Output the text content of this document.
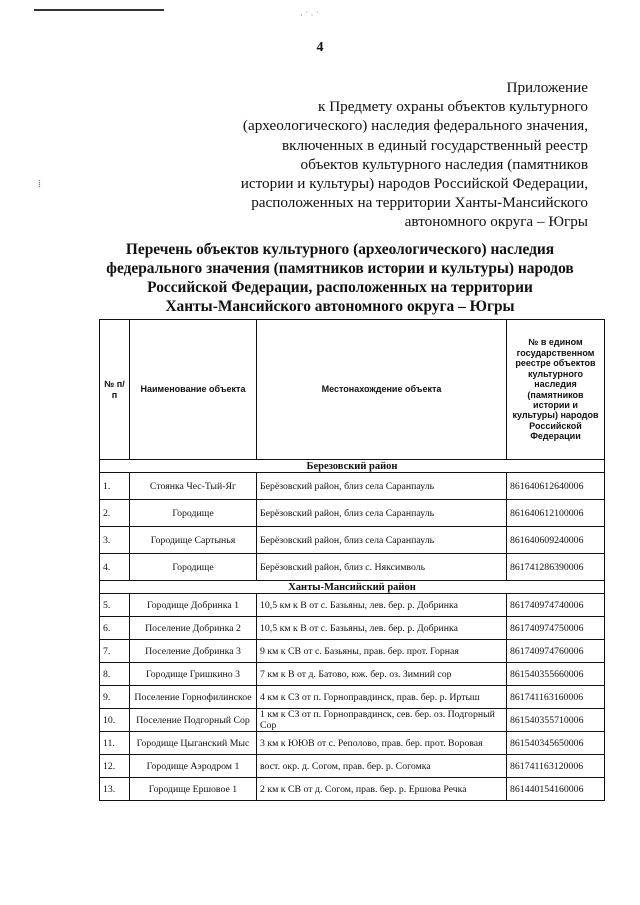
· ˙ · ˙
⁞
4
Приложение
к Предмету охраны объектов культурного
(археологического) наследия федерального значения,
включенных в единый государственный реестр
объектов культурного наследия (памятников
истории и культуры) народов Российской Федерации,
расположенных на территории Ханты-Мансийского
автономного округа – Югры
Перечень объектов культурного (археологического) наследия
федерального значения (памятников истории и культуры) народов
Российской Федерации, расположенных на территории
Ханты-Мансийского автономного округа – Югры
№ п/п	Наименование объекта	Местонахождение объекта	№ в едином государственном реестре объектов культурного наследия (памятников истории и культуры) народов Российской Федерации
Березовский район			
1.	Стоянка Чес-Тый-Яг	Берёзовский район, близ села Саранпауль	861640612640006
2.	Городище	Берёзовский район, близ села Саранпауль	861640612100006
3.	Городище Сартынья	Берёзовский район, близ села Саранпауль	861640609240006
4.	Городище	Берёзовский район, близ с. Няксимволь	861741286390006
Ханты-Мансийский район			
5.	Городище Добринка 1	10,5 км к В от с. Базьяны, лев. бер. р. Добринка	861740974740006
6.	Поселение Добринка 2	10,5 км к В от с. Базьяны, лев. бер. р. Добринка	861740974750006
7.	Поселение Добринка 3	9 км к СВ от с. Базьяны, прав. бер. прот. Горная	861740974760006
8.	Городище Гришкино 3	7 км к В от д. Батово, юж. бер. оз. Зимний сор	861540355660006
9.	Поселение Горнофилинское	4 км к СЗ от п. Горноправдинск, прав. бер. р. Иртыш	861741163160006
10.	Поселение Подгорный Сор	1 км к СЗ от п. Горноправдинск, сев. бер. оз. Подгорный Сор	861540355710006
11.	Городище Цыганский Мыс	3 км к ЮЮВ от с. Реполово, прав. бер. прот. Воровая	861540345650006
12.	Городище Аэродром 1	вост. окр. д. Согом, прав. бер. р. Согомка	861741163120006
13.	Городище Ершовое 1	2 км к СВ от д. Согом, прав. бер. р. Ершова Речка	861440154160006
